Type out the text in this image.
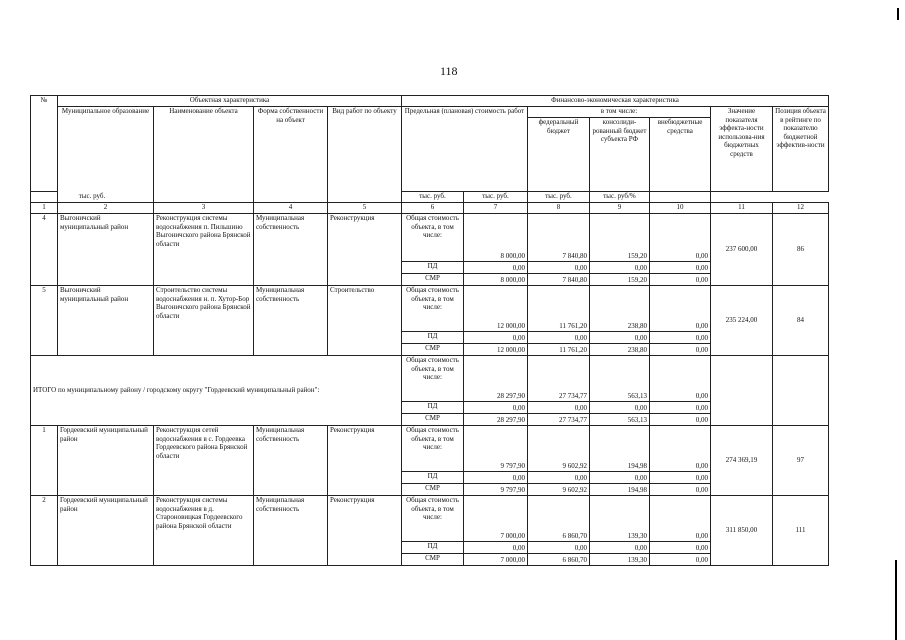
118
№	Объектная характеристика				Финансово-экономическая характеристика						
	Муниципальное образование	Наименование объекта	Форма собственности на объект	Вид работ по объекту	Предельная (плановая) стоимость работ		в том числе:			Значение показателя эффекта-ности использова-ния бюджетных средств	Позиция объекта в рейтинге по показателю бюджетной эффектив-ности
							федеральный бюджет	консолиди-рованный бюджет субъекта РФ	внебюджетные средства		
тыс. руб.					тыс. руб.	тыс. руб.	тыс. руб.	тыс. руб/%			
1	2	3	4	5	6	7	8	9	10	11	12
4	Выгоничский муниципальный район	Реконструкция системы водоснабжения п. Пильшино Выгоничского района Брянской области	Муниципальная собственность	Реконструкция	Общая стоимость объекта, в том числе:	8 000,00	7 840,80	159,20	0,00	237 600,00	86
					ПД	0,00	0,00	0,00	0,00		
					СМР	8 000,00	7 840,80	159,20	0,00		
5	Выгоничский муниципальный район	Строительство системы водоснабжения н. п. Хутор-Бор Выгоничского района Брянской области	Муниципальная собственность	Строительство	Общая стоимость объекта, в том числе:	12 000,00	11 761,20	238,80	0,00	235 224,00	84
					ПД	0,00	0,00	0,00	0,00		
					СМР	12 000,00	11 761,20	238,80	0,00		
ИТОГО по муниципальному району / городскому округу "Гордеевский муниципальный район":					Общая стоимость объекта, в том числе:	28 297,90	27 734,77	563,13	0,00		
					ПД	0,00	0,00	0,00	0,00		
					СМР	28 297,90	27 734,77	563,13	0,00		
1	Гордеевский муниципальный район	Реконструкция сетей водоснабжения в с. Гордеевка Гордеевского района Брянской области	Муниципальная собственность	Реконструкция	Общая стоимость объекта, в том числе:	9 797,90	9 602,92	194,98	0,00	274 369,19	97
					ПД	0,00	0,00	0,00	0,00		
					СМР	9 797,90	9 602,92	194,98	0,00		
2	Гордеевский муниципальный район	Реконструкция системы водоснабжения в д. Староновицкая Гордеевского района Брянской области	Муниципальная собственность	Реконструкция	Общая стоимость объекта, в том числе:	7 000,00	6 860,70	139,30	0,00	311 850,00	111
					ПД	0,00	0,00	0,00	0,00		
					СМР	7 000,00	6 860,70	139,30	0,00		
